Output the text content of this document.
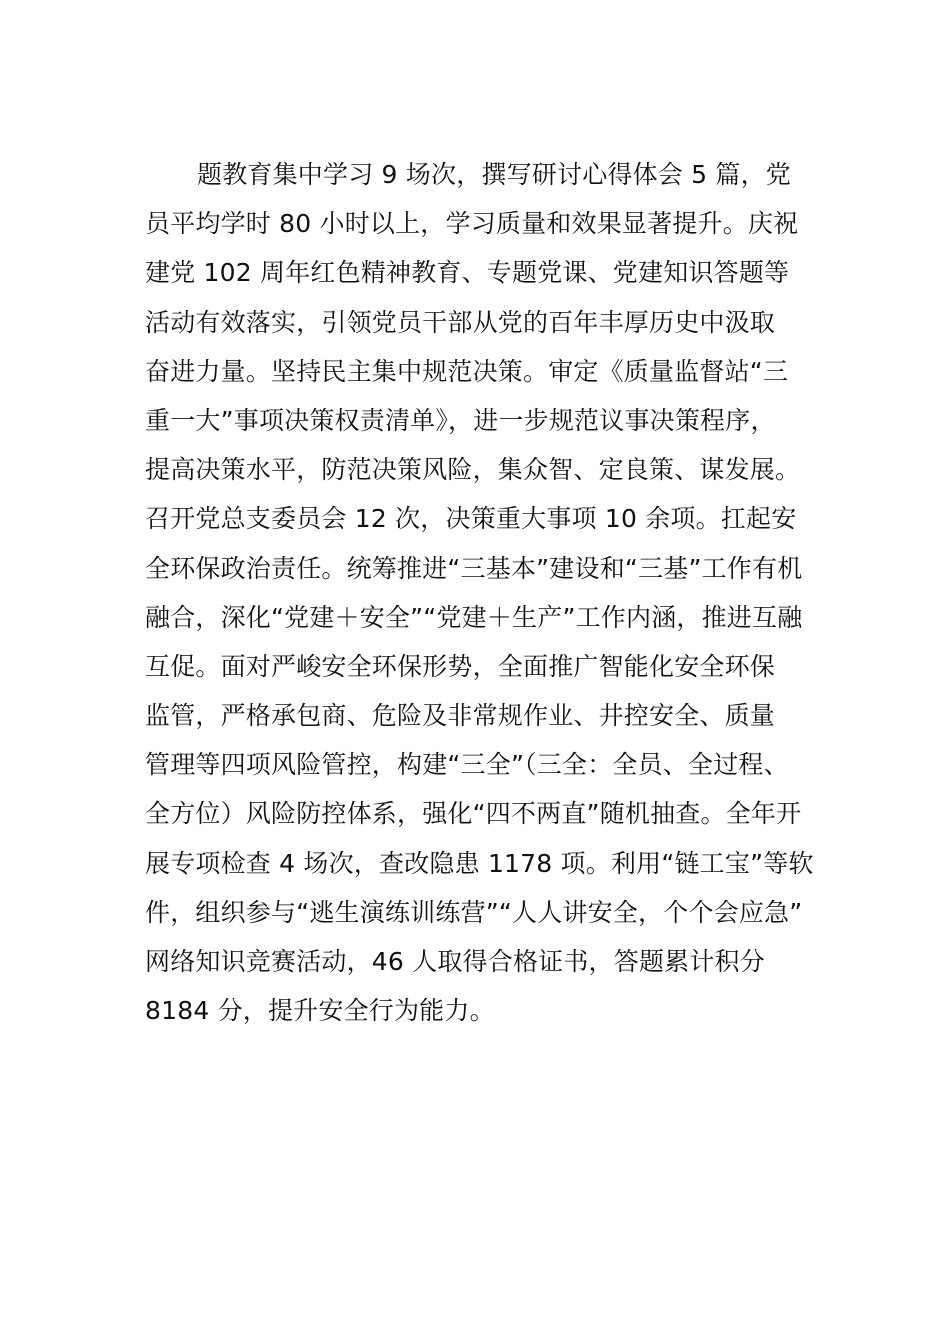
题教育集中学习 9 场次，撰写研讨心得体会 5 篇，党
员平均学时 80 小时以上，学习质量和效果显著提升。庆祝
建党 102 周年红色精神教育、专题党课、党建知识答题等
活动有效落实，引领党员干部从党的百年丰厚历史中汲取
奋进力量。坚持民主集中规范决策。审定《质量监督站“三
重一大”事项决策权责清单》，进一步规范议事决策程序，
提高决策水平，防范决策风险，集众智、定良策、谋发展。
召开党总支委员会 12 次，决策重大事项 10 余项。扛起安
全环保政治责任。统筹推进“三基本”建设和“三基”工作有机
融合，深化“党建＋安全”“党建＋生产”工作内涵，推进互融
互促。面对严峻安全环保形势，全面推广智能化安全环保
监管，严格承包商、危险及非常规作业、井控安全、质量
管理等四项风险管控，构建“三全”（三全：全员、全过程、
全方位）风险防控体系，强化“四不两直”随机抽查。全年开
展专项检查 4 场次，查改隐患 1178 项。利用“链工宝”等软
件，组织参与“逃生演练训练营”“人人讲安全，个个会应急”
网络知识竞赛活动，46 人取得合格证书，答题累计积分
8184 分，提升安全行为能力。
